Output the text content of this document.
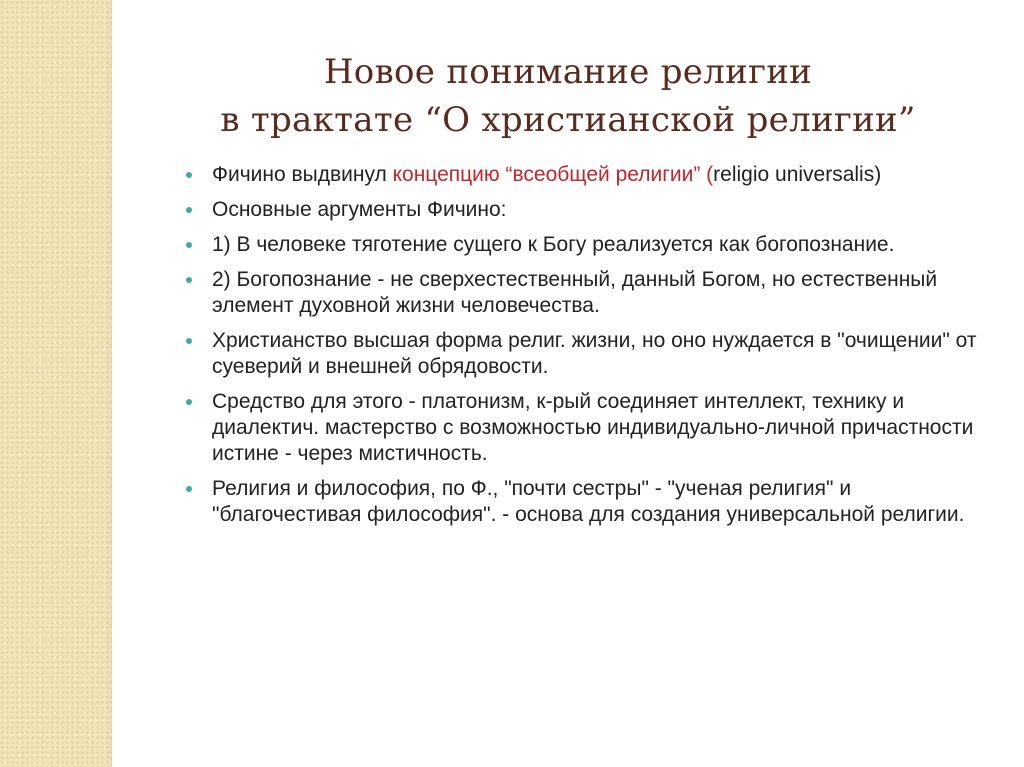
Новое понимание религии
в трактате “О христианской религии”
Фичино выдвинул концепцию “всеобщей религии” (religio universalis)
Основные аргументы Фичино:
1) В человеке тяготение сущего к Богу реализуется как богопознание.
2) Богопознание - не сверхестественный, данный Богом, но естественный элемент духовной жизни человечества.
Христианство высшая форма религ. жизни, но оно нуждается в "очищении" от суеверий и внешней обрядовости.
Средство для этого - платонизм, к-рый соединяет интеллект, технику и диалектич. мастерство с возможностью индивидуально-личной причастности истине - через мистичность.
Религия и философия, по Ф., "почти сестры" - "ученая религия" и "благочестивая философия". - основа для создания универсальной религии.
